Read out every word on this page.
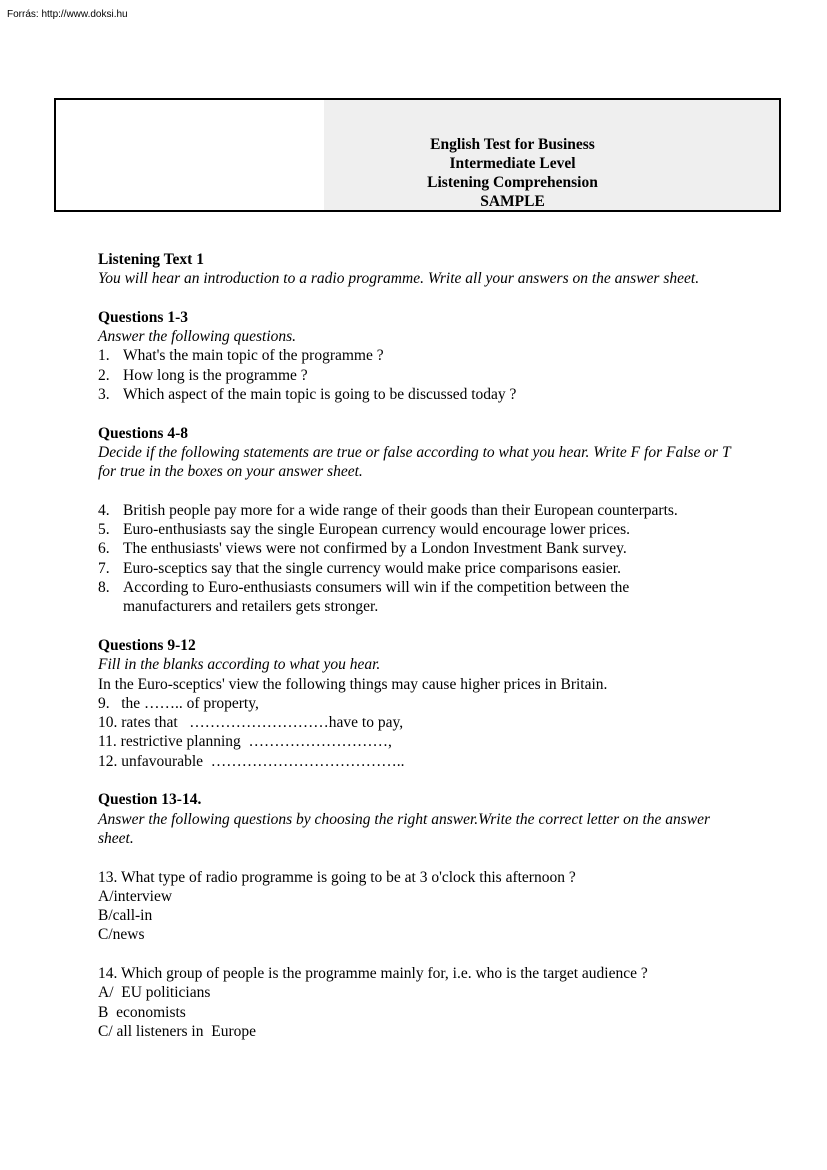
Forrás: http://www.doksi.hu
English Test for Business
Intermediate Level
Listening Comprehension
SAMPLE
Listening Text 1
You will hear an introduction to a radio programme. Write all your answers on the answer sheet.
Questions 1-3
Answer the following questions.
1. What's the main topic of the programme ?
2. How long is the programme ?
3. Which aspect of the main topic is going to be discussed today ?
Questions 4-8
Decide if the following statements are true or false according to what you hear. Write F for False or T for true in the boxes on your answer sheet.
4. British people pay more for a wide range of their goods than their European counterparts.
5. Euro-enthusiasts say the single European currency would encourage lower prices.
6. The enthusiasts' views were not confirmed by a London Investment Bank survey.
7. Euro-sceptics say that the single currency would make price comparisons easier.
8. According to Euro-enthusiasts consumers will win if the competition between the manufacturers and retailers gets stronger.
Questions 9-12
Fill in the blanks according to what you hear.
In the Euro-sceptics' view the following things may cause higher prices in Britain.
9.   the …….. of property,
10. rates that   ………………………have to pay,
11. restrictive planning  ………………………,
12. unfavourable  ………………………………..
Question 13-14.
Answer the following questions by choosing the right answer.Write the correct letter on the answer sheet.
13. What type of radio programme is going to be at 3 o'clock this afternoon ?
A/interview
B/call-in
C/news
14. Which group of people is the programme mainly for, i.e. who is the target audience ?
A/  EU politicians
B  economists
C/ all listeners in  Europe
